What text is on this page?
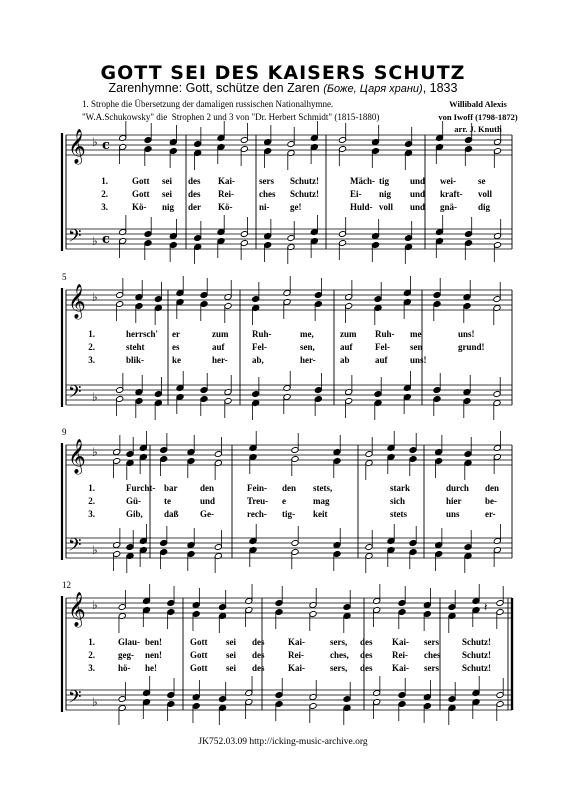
GOTT SEI DES KAISERS SCHUTZ
Zarenhymne: Gott, schütze den Zaren (Боже, Царя храни), 1833
1. Strophe die Übersetzung der damaligen russischen Nationalhymne.
"W.A.Schukowsky" die  Strophen 2 und 3 von "Dr. Herbert Schmidt" (1815-1880)
Willibald Alexis
von Iwoff (1798-1872)
arr. J. Knuth
𝄞 ♭ c
𝄢 ♭ c
𝄞 ♭
𝄢 ♭
𝄞 ♭
𝄢 ♭
𝄞 ♭
𝄢 ♭
𝄽
1.	Gott sei des Kai-	sers Schutz!	Mäch- tig und wei- se
2.	Gott sei des Rei-	ches Schutz!	Ei- nig und kraft- voll
3.	Kö- nig der Kö-	ni- ge!	Huld- voll und gnä- dig
1.	herrsch' er	zum	Ruh-	me,	zum Ruh- me	uns!
2.	steht	es	auf	Fel-	sen,	auf Fel- sen	grund!
3.	blik-	ke	her-	ab,	her-	ab	auf uns!
1.	Furcht- bar	den	Fein- den stets,	stark	durch den
2.	Gü-	te	und	Treu- e	mag	sich	hier	be-
3.	Gib, daß Ge-	rech- tig- keit	stets	uns	er-
1.	Glau- ben!	Gott sei des	Kai-	sers, des Kai- sers	Schutz!
2.	geg- nen!	Gott sei des	Rei-	ches, des Rei- ches Schutz!
3.	hö- he!	Gott sei des	Kai-	sers, des Kai- sers	Schutz!
5
9
12
JK752.03.09 http://icking-music-archive.org
